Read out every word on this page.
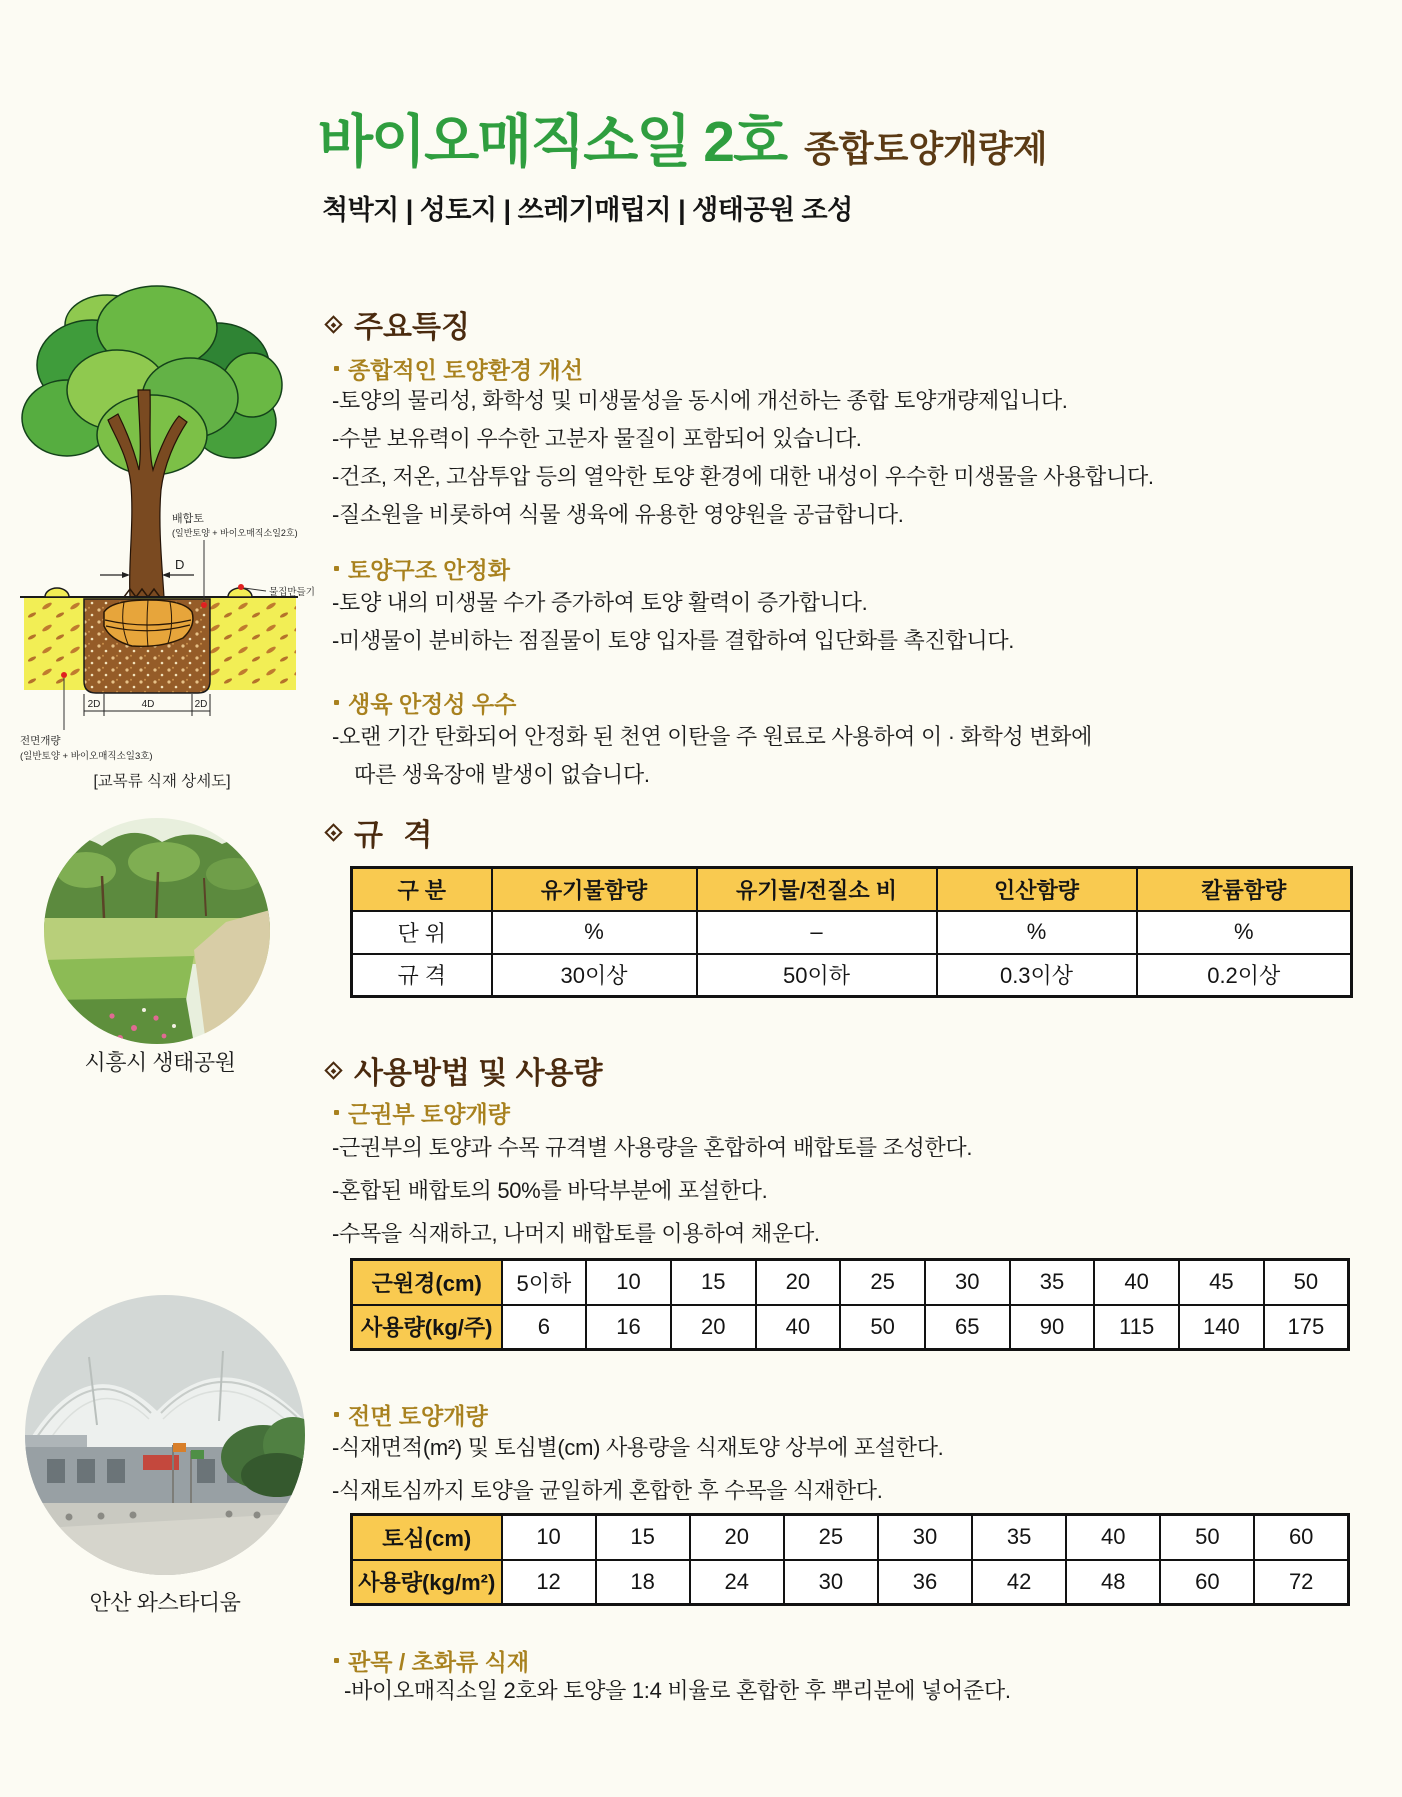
바이오매직소일 2호 종합토양개량제
척박지 | 성토지 | 쓰레기매립지 | 생태공원 조성
D
배합토
(일반토양 + 바이오매직소일2호)
물집만들기
2D	4D	2D
전면개량
(일반토양 + 바이오매직소일3호)
[교목류 식재 상세도]
시흥시 생태공원
안산 와스타디움
주요특징
종합적인 토양환경 개선
-토양의 물리성, 화학성 및 미생물성을 동시에 개선하는 종합 토양개량제입니다.
-수분 보유력이 우수한 고분자 물질이 포함되어 있습니다.
-건조, 저온, 고삼투압 등의 열악한 토양 환경에 대한 내성이 우수한 미생물을 사용합니다.
-질소원을 비롯하여 식물 생육에 유용한 영양원을 공급합니다.
토양구조 안정화
-토양 내의 미생물 수가 증가하여 토양 활력이 증가합니다.
-미생물이 분비하는 점질물이 토양 입자를 결합하여 입단화를 촉진합니다.
생육 안정성 우수
-오랜 기간 탄화되어 안정화 된 천연 이탄을 주 원료로 사용하여 이 · 화학성 변화에
따른 생육장애 발생이 없습니다.
규 격
구 분	유기물함량	유기물/전질소 비	인산함량	칼륨함량
단 위	%	–	%	%
규 격	30이상	50이하	0.3이상	0.2이상
사용방법 및 사용량
근권부 토양개량
-근권부의 토양과 수목 규격별 사용량을 혼합하여 배합토를 조성한다.
-혼합된 배합토의 50%를 바닥부분에 포설한다.
-수목을 식재하고, 나머지 배합토를 이용하여 채운다.
근원경(cm)	5이하	10	15	20	25	30	35	40	45	50
사용량(kg/주)	6	16	20	40	50	65	90	115	140	175
전면 토양개량
-식재면적(m²) 및 토심별(cm) 사용량을 식재토양 상부에 포설한다.
-식재토심까지 토양을 균일하게 혼합한 후 수목을 식재한다.
토심(cm)	10	15	20	25	30	35	40	50	60
사용량(kg/m²)	12	18	24	30	36	42	48	60	72
관목 / 초화류 식재
-바이오매직소일 2호와 토양을 1:4 비율로 혼합한 후 뿌리분에 넣어준다.
